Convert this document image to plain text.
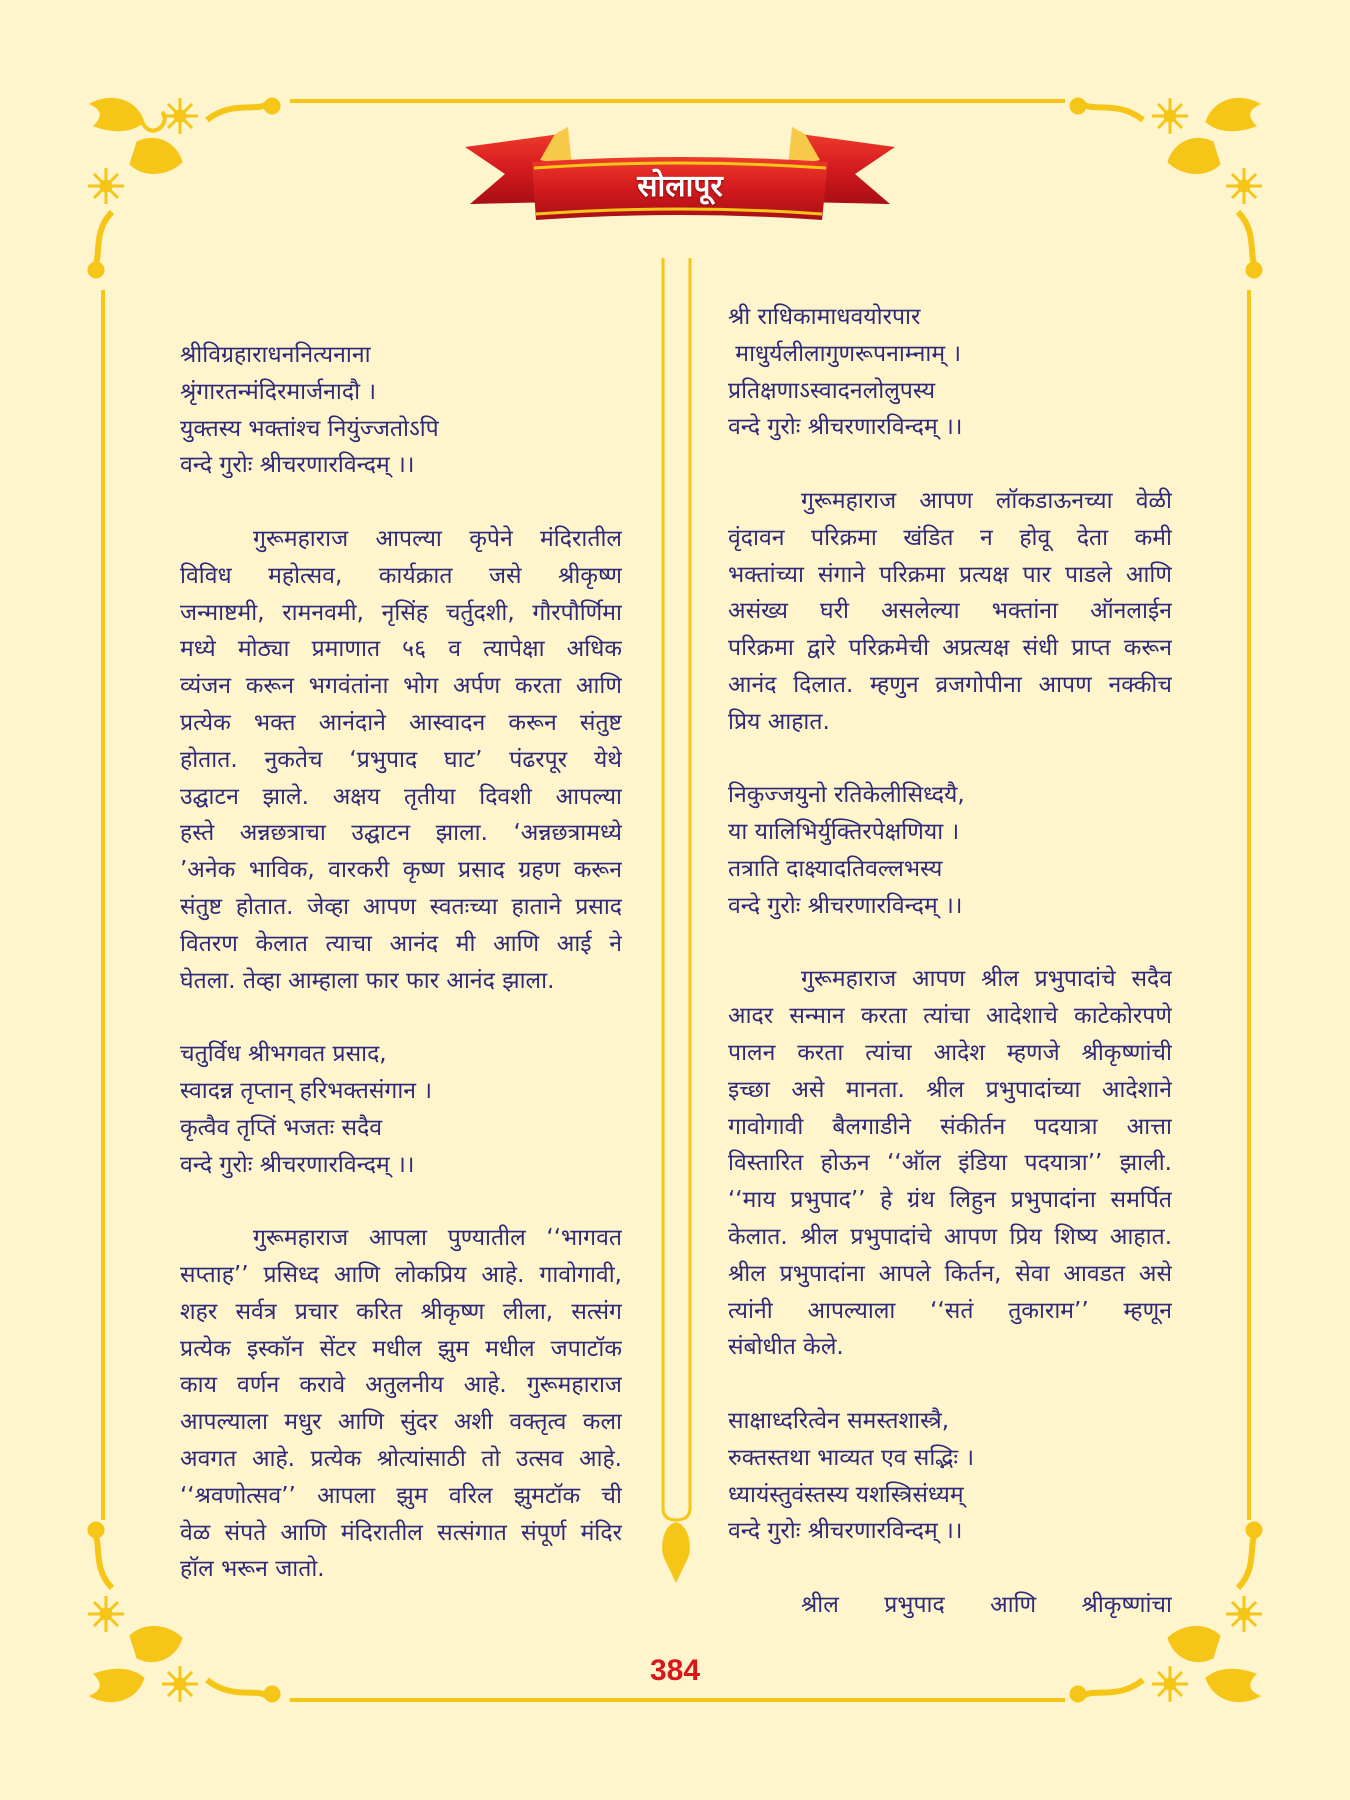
सोलापूर
श्रीविग्रहाराधननित्यनाना
श्रृंगारतन्मंदिरमार्जनादौ ।
युक्तस्य भक्तांश्च नियुंज्जतोऽपि
वन्दे गुरोः श्रीचरणारविन्दम् ।।
गुरूमहाराज आपल्या कृपेने मंदिरातील
विविध महोत्सव, कार्यक्रात जसे श्रीकृष्ण
जन्माष्टमी, रामनवमी, नृसिंह चर्तुदशी, गौरपौर्णिमा
मध्ये मोठ्या प्रमाणात ५६ व त्यापेक्षा अधिक
व्यंजन करून भगवंतांना भोग अर्पण करता आणि
प्रत्येक भक्त आनंदाने आस्वादन करून संतुष्ट
होतात. नुकतेच ‘प्रभुपाद घाट’ पंढरपूर येथे
उद्घाटन झाले. अक्षय तृतीया दिवशी आपल्या
हस्ते अन्नछत्राचा उद्घाटन झाला. ‘अन्नछत्रामध्ये
’अनेक भाविक, वारकरी कृष्ण प्रसाद ग्रहण करून
संतुष्ट होतात. जेव्हा आपण स्वतःच्या हाताने प्रसाद
वितरण केलात त्याचा आनंद मी आणि आई ने
घेतला. तेव्हा आम्हाला फार फार आनंद झाला.
चतुर्विध श्रीभगवत प्रसाद,
स्वादन्न तृप्तान् हरिभक्तसंगान ।
कृत्वैव तृप्तिं भजतः सदैव
वन्दे गुरोः श्रीचरणारविन्दम् ।।
गुरूमहाराज आपला पुण्यातील ‘‘भागवत
सप्ताह’’ प्रसिध्द आणि लोकप्रिय आहे. गावोगावी,
शहर सर्वत्र प्रचार करित श्रीकृष्ण लीला, सत्संग
प्रत्येक इस्कॉन सेंटर मधील झुम मधील जपाटॉक
काय वर्णन करावे अतुलनीय आहे. गुरूमहाराज
आपल्याला मधुर आणि सुंदर अशी वक्तृत्व कला
अवगत आहे. प्रत्येक श्रोत्यांसाठी तो उत्सव आहे.
‘‘श्रवणोत्सव’’ आपला झुम वरिल झुमटॉक ची
वेळ संपते आणि मंदिरातील सत्संगात संपूर्ण मंदिर
हॉल भरून जातो.
श्री राधिकामाधवयोरपार
माधुर्यलीलागुणरूपनाम्नाम् ।
प्रतिक्षणाऽस्वादनलोलुपस्य
वन्दे गुरोः श्रीचरणारविन्दम् ।।
गुरूमहाराज आपण लॉकडाऊनच्या वेळी
वृंदावन परिक्रमा खंडित न होवू देता कमी
भक्तांच्या संगाने परिक्रमा प्रत्यक्ष पार पाडले आणि
असंख्य घरी असलेल्या भक्तांना ऑनलाईन
परिक्रमा द्वारे परिक्रमेची अप्रत्यक्ष संधी प्राप्त करून
आनंद दिलात. म्हणुन व्रजगोपीना आपण नक्कीच
प्रिय आहात.
निकुज्जयुनो रतिकेलीसिध्दयै,
या यालिभिर्युक्तिरपेक्षणिया ।
तत्राति दाक्ष्यादतिवल्लभस्य
वन्दे गुरोः श्रीचरणारविन्दम् ।।
गुरूमहाराज आपण श्रील प्रभुपादांचे सदैव
आदर सन्मान करता त्यांचा आदेशाचे काटेकोरपणे
पालन करता त्यांचा आदेश म्हणजे श्रीकृष्णांची
इच्छा असे मानता. श्रील प्रभुपादांच्या आदेशाने
गावोगावी बैलगाडीने संकीर्तन पदयात्रा आत्ता
विस्तारित होऊन ‘‘ऑल इंडिया पदयात्रा’’ झाली.
‘‘माय प्रभुपाद’’ हे ग्रंथ लिहुन प्रभुपादांना समर्पित
केलात. श्रील प्रभुपादांचे आपण प्रिय शिष्य आहात.
श्रील प्रभुपादांना आपले किर्तन, सेवा आवडत असे
त्यांनी आपल्याला ‘‘सतं तुकाराम’’ म्हणून
संबोधीत केले.
साक्षाध्दरित्वेन समस्तशास्त्रै,
रुक्तस्तथा भाव्यत एव सद्भिः ।
ध्यायंस्तुवंस्तस्य यशस्त्रिसंध्यम्
वन्दे गुरोः श्रीचरणारविन्दम् ।।
श्रील प्रभुपाद आणि श्रीकृष्णांचा
384
